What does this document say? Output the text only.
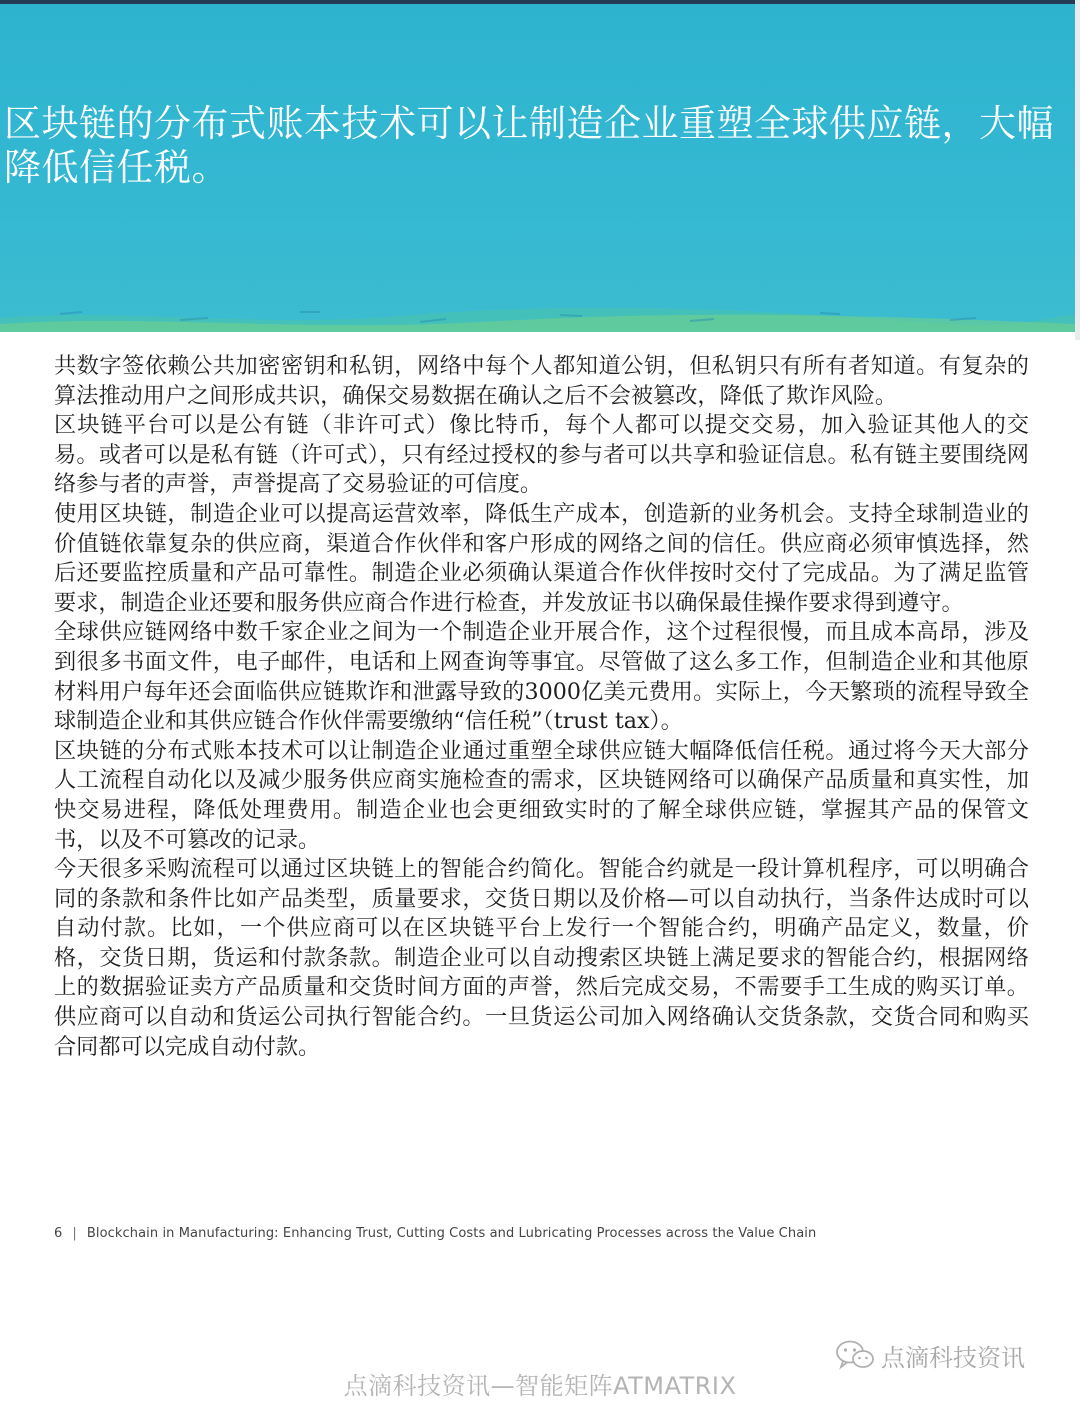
区块链的分布式账本技术可以让制造企业重塑全球供应链，大幅降低信任税。

共数字签依赖公共加密密钥和私钥，网络中每个人都知道公钥，但私钥只有所有者知道。有复杂的算法推动用户之间形成共识，确保交易数据在确认之后不会被篡改，降低了欺诈风险。

区块链平台可以是公有链（非许可式）像比特币，每个人都可以提交交易，加入验证其他人的交易。或者可以是私有链（许可式），只有经过授权的参与者可以共享和验证信息。私有链主要围绕网络参与者的声誉，声誉提高了交易验证的可信度。

使用区块链，制造企业可以提高运营效率，降低生产成本，创造新的业务机会。支持全球制造业的价值链依靠复杂的供应商，渠道合作伙伴和客户形成的网络之间的信任。供应商必须审慎选择，然后还要监控质量和产品可靠性。制造企业必须确认渠道合作伙伴按时交付了完成品。为了满足监管要求，制造企业还要和服务供应商合作进行检查，并发放证书以确保最佳操作要求得到遵守。

全球供应链网络中数千家企业之间为一个制造企业开展合作，这个过程很慢，而且成本高昂，涉及到很多书面文件，电子邮件，电话和上网查询等事宜。尽管做了这么多工作，但制造企业和其他原材料用户每年还会面临供应链欺诈和泄露导致的3000亿美元费用。实际上，今天繁琐的流程导致全球制造企业和其供应链合作伙伴需要缴纳“信任税”（trust tax）。

区块链的分布式账本技术可以让制造企业通过重塑全球供应链大幅降低信任税。通过将今天大部分人工流程自动化以及减少服务供应商实施检查的需求，区块链网络可以确保产品质量和真实性，加快交易进程，降低处理费用。制造企业也会更细致实时的了解全球供应链，掌握其产品的保管文书，以及不可篡改的记录。

今天很多采购流程可以通过区块链上的智能合约简化。智能合约就是一段计算机程序，可以明确合同的条款和条件比如产品类型，质量要求，交货日期以及价格—可以自动执行，当条件达成时可以自动付款。比如，一个供应商可以在区块链平台上发行一个智能合约，明确产品定义，数量，价格，交货日期，货运和付款条款。制造企业可以自动搜索区块链上满足要求的智能合约，根据网络上的数据验证卖方产品质量和交货时间方面的声誉，然后完成交易，不需要手工生成的购买订单。供应商可以自动和货运公司执行智能合约。一旦货运公司加入网络确认交货条款，交货合同和购买合同都可以完成自动付款。

6 | Blockchain in Manufacturing: Enhancing Trust, Cutting Costs and Lubricating Processes across the Value Chain
点滴科技资讯
点滴科技资讯—智能矩阵ATMATRIX
